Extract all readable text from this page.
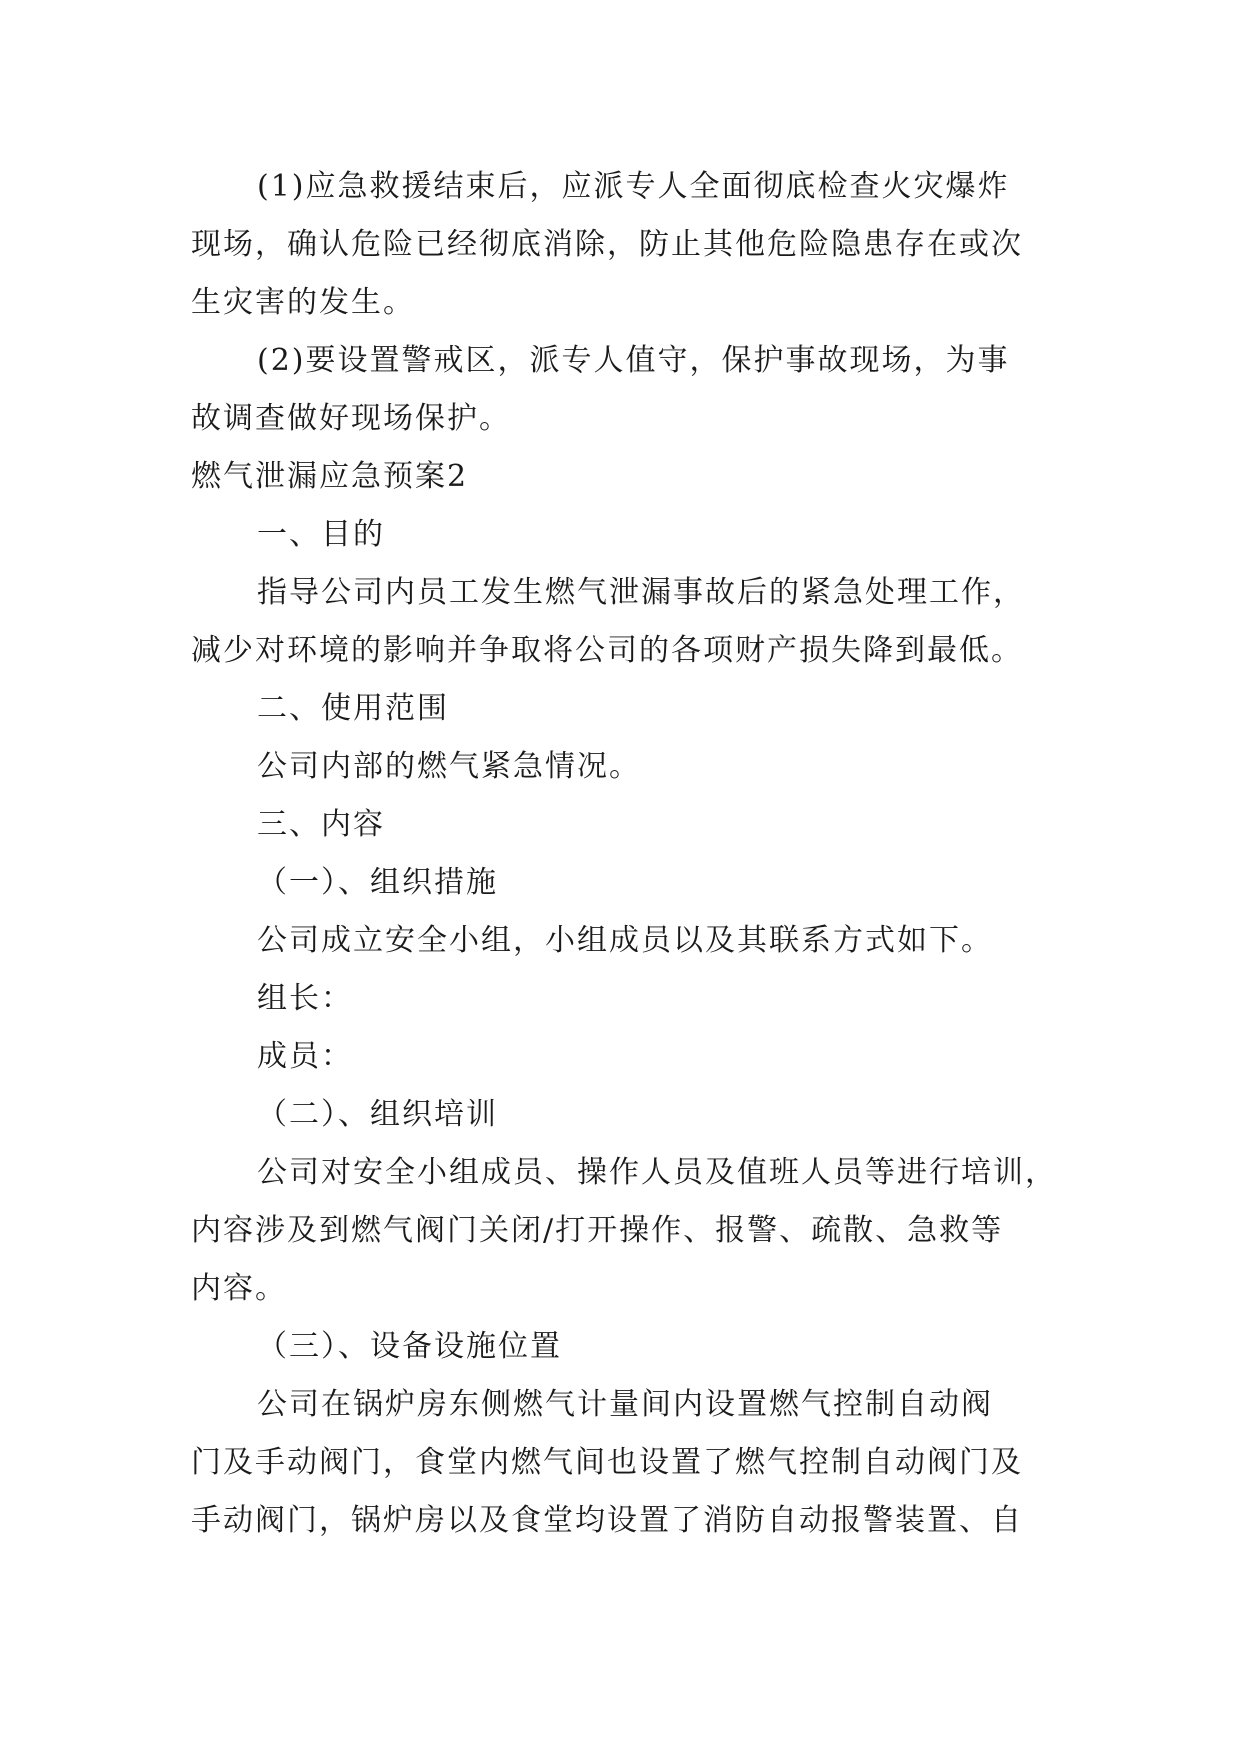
(1)应急救援结束后，应派专人全面彻底检查火灾爆炸
现场，确认危险已经彻底消除，防止其他危险隐患存在或次
生灾害的发生。
(2)要设置警戒区，派专人值守，保护事故现场，为事
故调查做好现场保护。
燃气泄漏应急预案2
一、目的
指导公司内员工发生燃气泄漏事故后的紧急处理工作，
减少对环境的影响并争取将公司的各项财产损失降到最低。
二、使用范围
公司内部的燃气紧急情况。
三、内容
（一）、组织措施
公司成立安全小组，小组成员以及其联系方式如下。
组长：
成员：
（二）、组织培训
公司对安全小组成员、操作人员及值班人员等进行培训，
内容涉及到燃气阀门关闭/打开操作、报警、疏散、急救等
内容。
（三）、设备设施位置
公司在锅炉房东侧燃气计量间内设置燃气控制自动阀
门及手动阀门，食堂内燃气间也设置了燃气控制自动阀门及
手动阀门，锅炉房以及食堂均设置了消防自动报警装置、自
